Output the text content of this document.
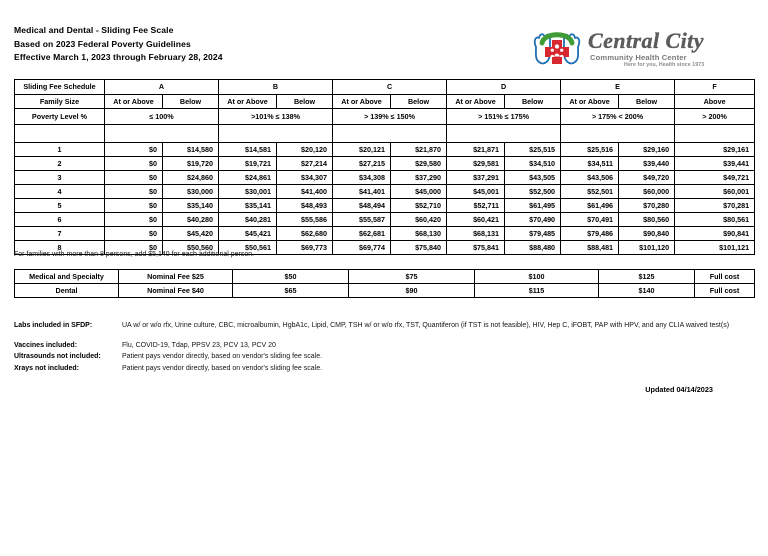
Medical and Dental - Sliding Fee Scale
Based on 2023 Federal Poverty Guidelines
Effective March 1, 2023 through February 28, 2024
Central City
Community Health Center
Here for you, Health since 1973
Sliding Fee Schedule	A		B		C		D		E		F
Family Size	At or Above	Below	At or Above	Below	At or Above	Below	At or Above	Below	At or Above	Below	Above
Poverty Level %	≤ 100%		>101% ≤ 138%		> 139% ≤ 150%		> 151% ≤ 175%		> 175% < 200%		> 200%

1	$0	$14,580	$14,581	$20,120	$20,121	$21,870	$21,871	$25,515	$25,516	$29,160	$29,161
2	$0	$19,720	$19,721	$27,214	$27,215	$29,580	$29,581	$34,510	$34,511	$39,440	$39,441
3	$0	$24,860	$24,861	$34,307	$34,308	$37,290	$37,291	$43,505	$43,506	$49,720	$49,721
4	$0	$30,000	$30,001	$41,400	$41,401	$45,000	$45,001	$52,500	$52,501	$60,000	$60,001
5	$0	$35,140	$35,141	$48,493	$48,494	$52,710	$52,711	$61,495	$61,496	$70,280	$70,281
6	$0	$40,280	$40,281	$55,586	$55,587	$60,420	$60,421	$70,490	$70,491	$80,560	$80,561
7	$0	$45,420	$45,421	$62,680	$62,681	$68,130	$68,131	$79,485	$79,486	$90,840	$90,841
8	$0	$50,560	$50,561	$69,773	$69,774	$75,840	$75,841	$88,480	$88,481	$101,120	$101,121
For families with more than 8 persons, add $5,140 for each additional person.
Medical and Specialty	Nominal Fee $25	$50	$75	$100	$125	Full cost
Dental	Nominal Fee $40	$65	$90	$115	$140	Full cost
Labs included in SFDP:	UA w/ or w/o rfx, Urine culture, CBC, microalbumin, HgbA1c, Lipid, CMP, TSH w/ or w/o rfx, TST, Quantiferon (if TST is not feasible), HIV, Hep C, iFOBT, PAP with HPV, and any CLIA waived test(s)
Vaccines included:	Flu, COVID-19, Tdap, PPSV 23, PCV 13, PCV 20
Ultrasounds not included:	Patient pays vendor directly, based on vendor's sliding fee scale.
Xrays not included:	Patient pays vendor directly, based on vendor's sliding fee scale.
Updated 04/14/2023
